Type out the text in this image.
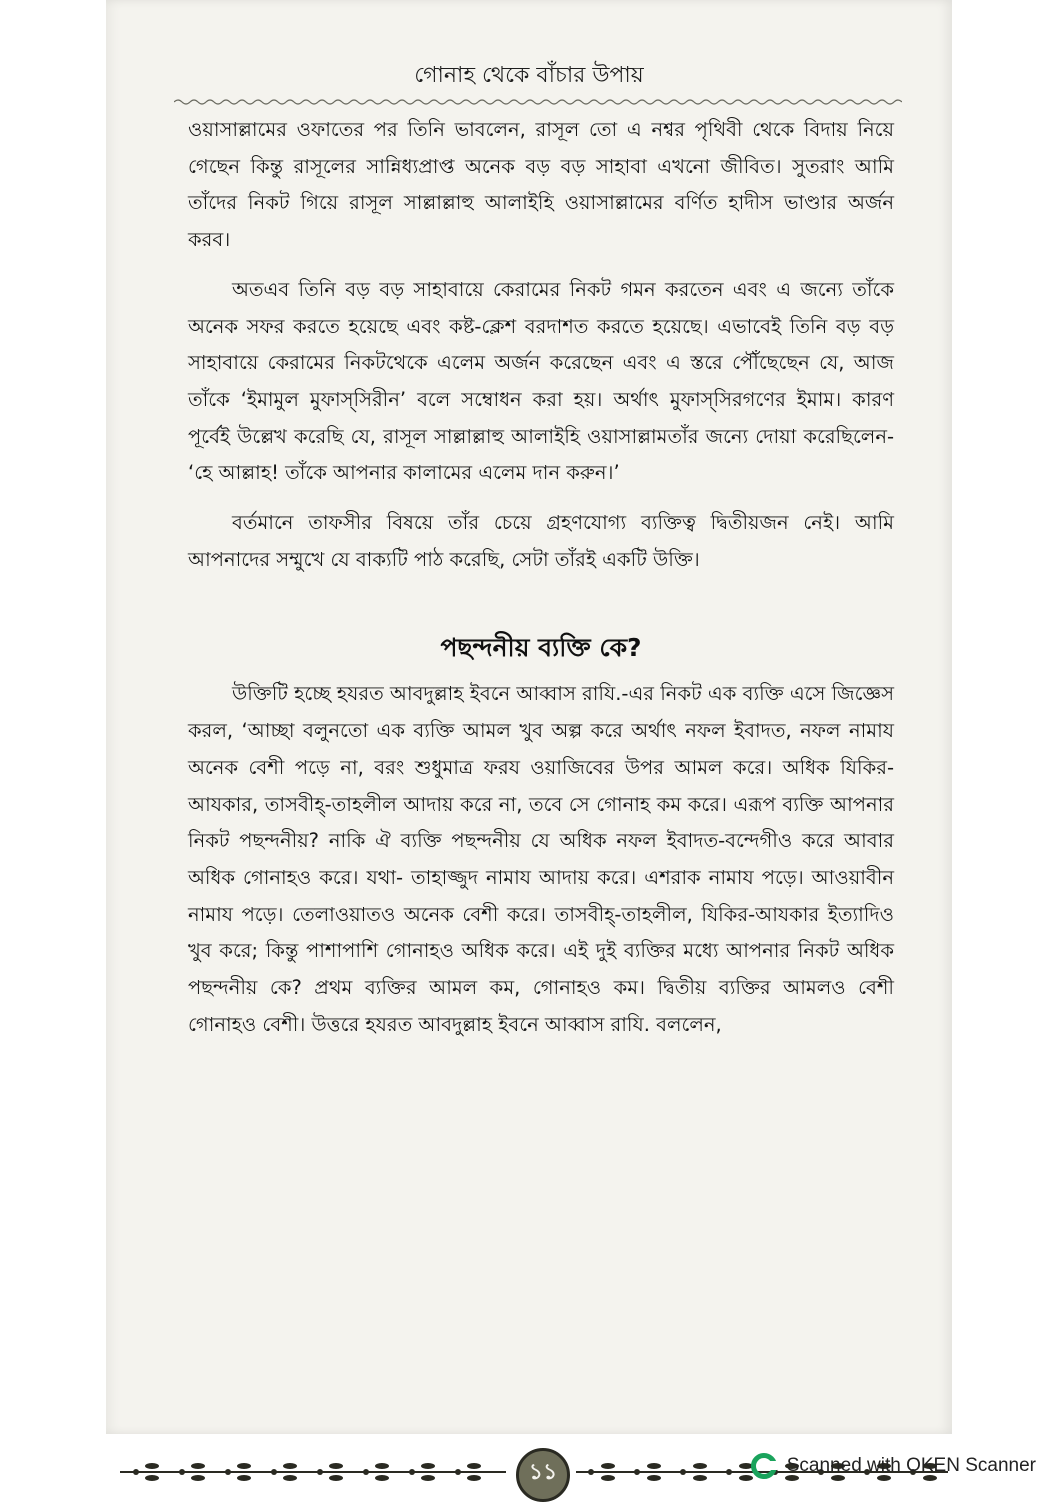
গোনাহ থেকে বাঁচার উপায়

ওয়াসাল্লামের ওফাতের পর তিনি ভাবলেন, রাসূল তো এ নশ্বর পৃথিবী থেকে বিদায় নিয়ে গেছেন কিন্তু রাসূলের সান্নিধ্যপ্রাপ্ত অনেক বড় বড় সাহাবা এখনো জীবিত। সুতরাং আমি তাঁদের নিকট গিয়ে রাসূল সাল্লাল্লাহু আলাইহি ওয়াসাল্লামের বর্ণিত হাদীস ভাণ্ডার অর্জন করব।

অতএব তিনি বড় বড় সাহাবায়ে কেরামের নিকট গমন করতেন এবং এ জন্যে তাঁকে অনেক সফর করতে হয়েছে এবং কষ্ট-ক্লেশ বরদাশত করতে হয়েছে। এভাবেই তিনি বড় বড় সাহাবায়ে কেরামের নিকটথেকে এলেম অর্জন করেছেন এবং এ স্তরে পৌঁছেছেন যে, আজ তাঁকে ‘ইমামুল মুফাস্‌সিরীন’ বলে সম্বোধন করা হয়। অর্থাৎ মুফাস্‌সিরগণের ইমাম। কারণ পূর্বেই উল্লেখ করেছি যে, রাসূল সাল্লাল্লাহু আলাইহি ওয়াসাল্লামতাঁর জন্যে দোয়া করেছিলেন- ‘হে আল্লাহ! তাঁকে আপনার কালামের এলেম দান করুন।’

বর্তমানে তাফসীর বিষয়ে তাঁর চেয়ে গ্রহণযোগ্য ব্যক্তিত্ব দ্বিতীয়জন নেই। আমি আপনাদের সম্মুখে যে বাক্যটি পাঠ করেছি, সেটা তাঁরই একটি উক্তি।

পছন্দনীয় ব্যক্তি কে?

উক্তিটি হচ্ছে হযরত আবদুল্লাহ ইবনে আব্বাস রাযি.-এর নিকট এক ব্যক্তি এসে জিজ্ঞেস করল, ‘আচ্ছা বলুনতো এক ব্যক্তি আমল খুব অল্প করে অর্থাৎ নফল ইবাদত, নফল নামায অনেক বেশী পড়ে না, বরং শুধুমাত্র ফরয ওয়াজিবের উপর আমল করে। অধিক যিকির-আযকার, তাসবীহ্-তাহলীল আদায় করে না, তবে সে গোনাহ কম করে। এরূপ ব্যক্তি আপনার নিকট পছন্দনীয়? নাকি ঐ ব্যক্তি পছন্দনীয় যে অধিক নফল ইবাদত-বন্দেগীও করে আবার অধিক গোনাহও করে। যথা- তাহাজ্জুদ নামায আদায় করে। এশরাক নামায পড়ে। আওয়াবীন নামায পড়ে। তেলাওয়াতও অনেক বেশী করে। তাসবীহ্-তাহলীল, যিকির-আযকার ইত্যাদিও খুব করে; কিন্তু পাশাপাশি গোনাহও অধিক করে। এই দুই ব্যক্তির মধ্যে আপনার নিকট অধিক পছন্দনীয় কে? প্রথম ব্যক্তির আমল কম, গোনাহও কম। দ্বিতীয় ব্যক্তির আমলও বেশী গোনাহও বেশী। উত্তরে হযরত আবদুল্লাহ ইবনে আব্বাস রাযি. বললেন,

১১	Scanned with OKEN Scanner
